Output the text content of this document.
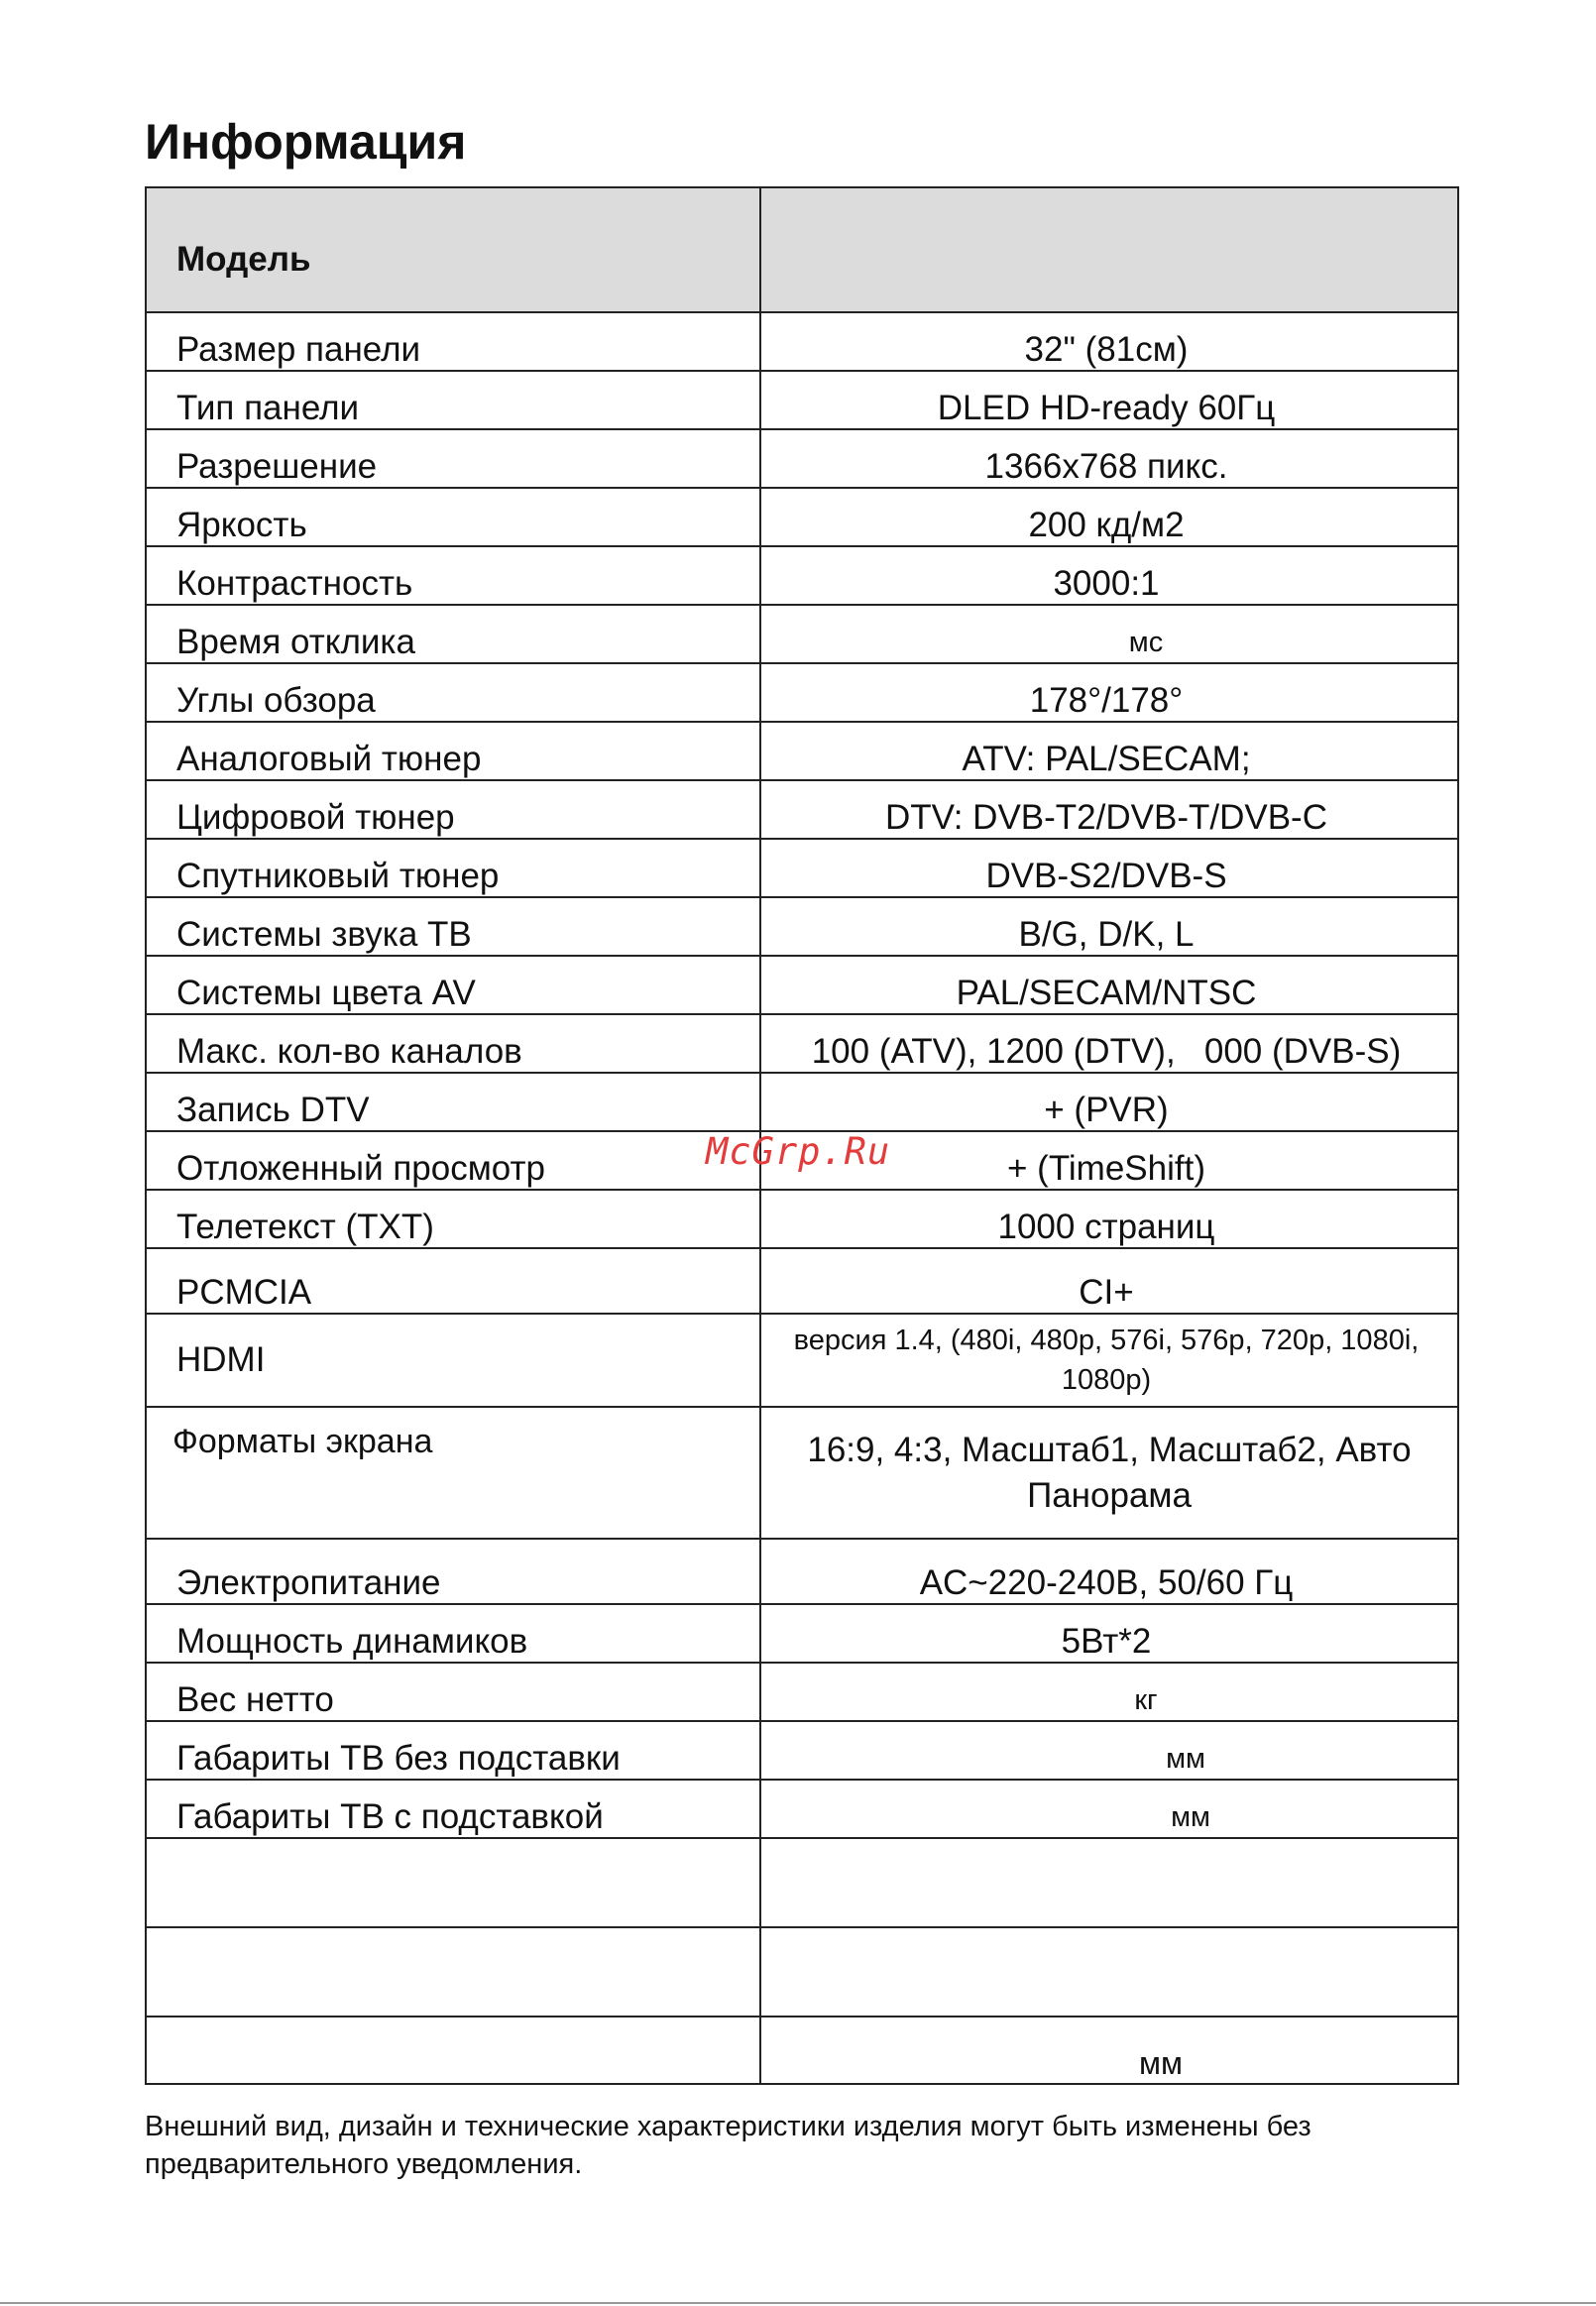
Информация
Модель	
Размер панели	32" (81см)
Тип панели	DLED HD-ready 60Гц
Разрешение	1366x768 пикс.
Яркость	200 кд/м2
Контрастность	3000:1
Время отклика	мс
Углы обзора	178°/178°
Аналоговый тюнер	ATV: PAL/SECAM;
Цифровой тюнер	DTV: DVB-T2/DVB-T/DVB-C
Спутниковый тюнер	DVB-S2/DVB-S
Системы звука ТВ	B/G, D/K, L
Системы цвета AV	PAL/SECAM/NTSC
Макс. кол-во каналов	100 (ATV), 1200 (DTV),   000 (DVB-S)
Запись DTV	+ (PVR)
Отложенный просмотр	+ (TimeShift)
Телетекст (TXT)	1000 страниц
PCMCIA	CI+
HDMI	версия 1.4, (480i, 480p, 576i, 576p, 720p, 1080i, 1080p)
Форматы экрана	16:9, 4:3, Масштаб1, Масштаб2, Авто Панорама
Электропитание	AC~220-240В, 50/60 Гц
Мощность динамиков	5Вт*2
Вес нетто	кг
Габариты ТВ без подставки	мм
Габариты ТВ с подставкой	мм

	мм
McGrp.Ru

Внешний вид, дизайн и технические характеристики изделия могут быть изменены без предварительного уведомления.
